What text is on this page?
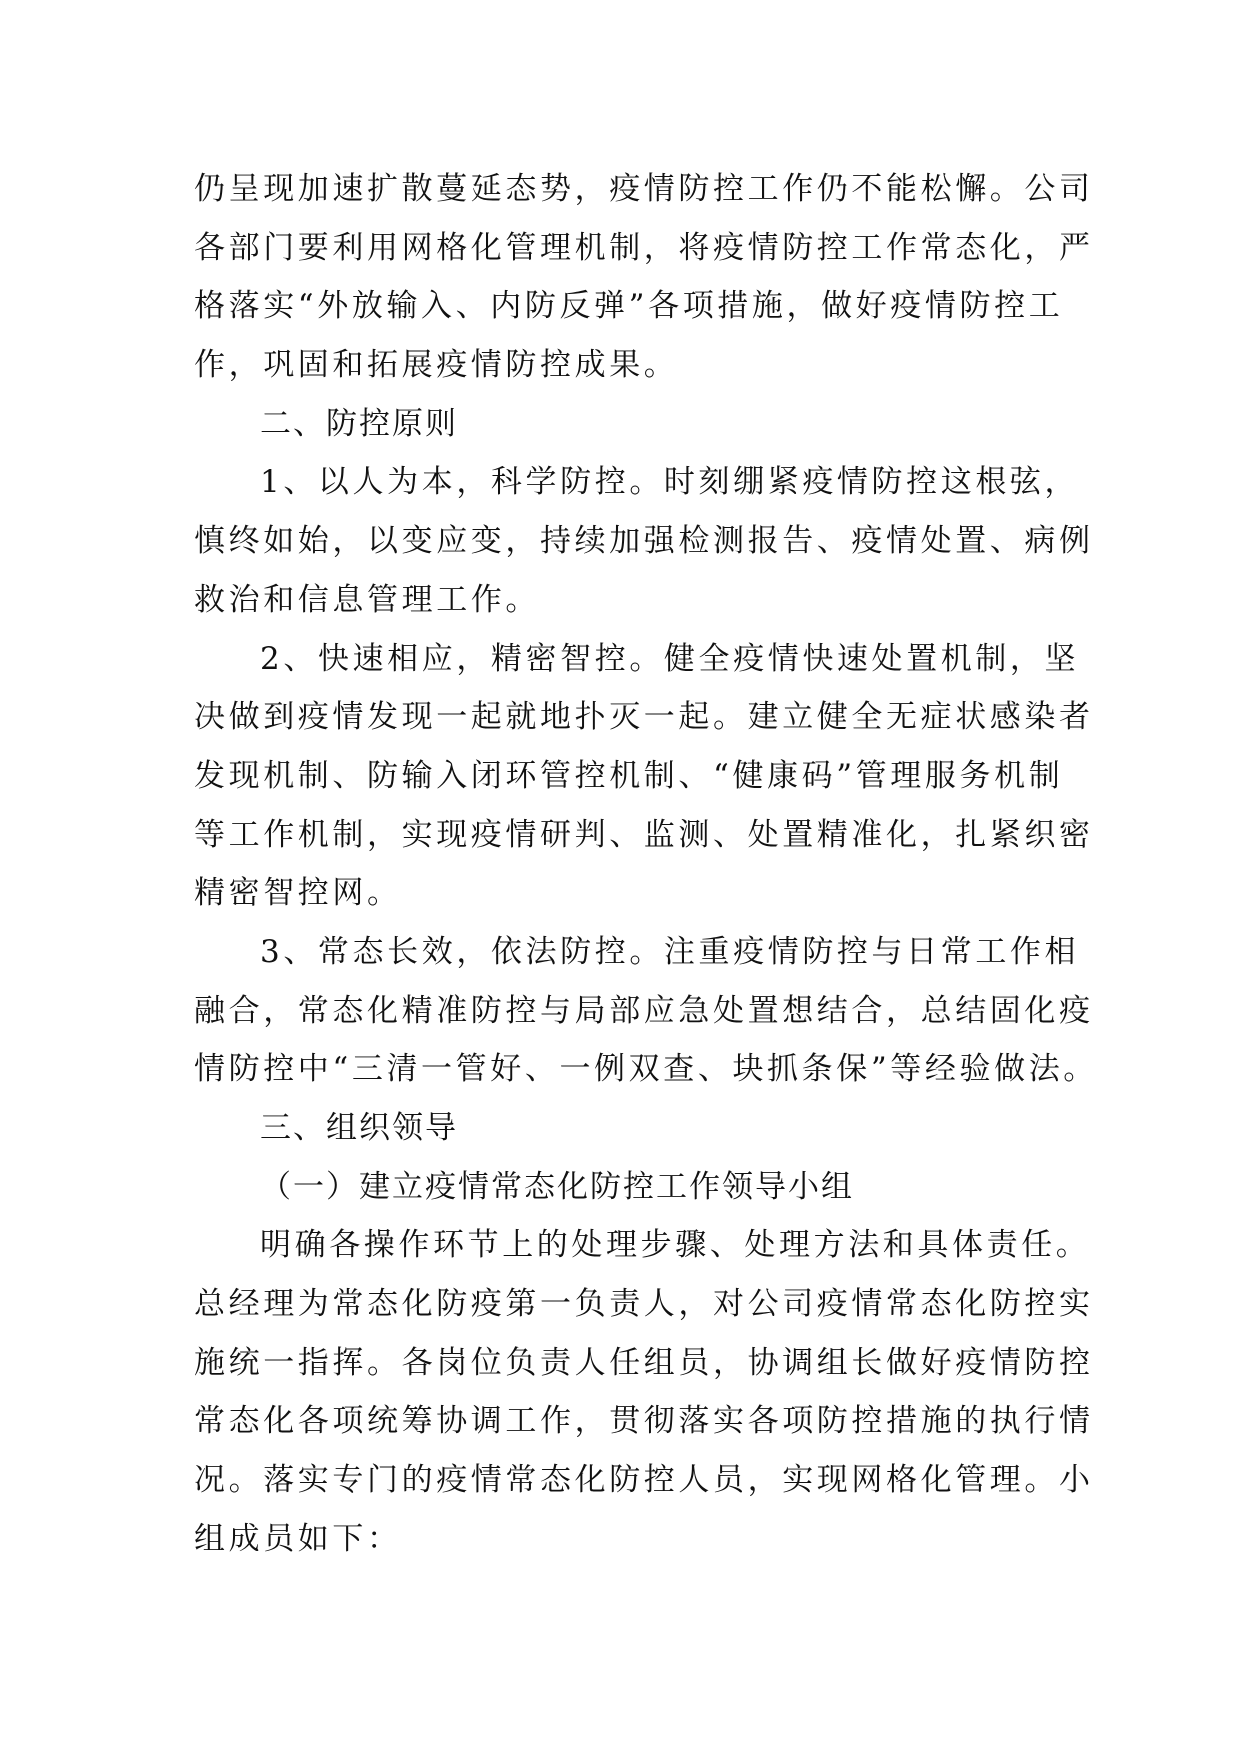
仍呈现加速扩散蔓延态势，疫情防控工作仍不能松懈。公司
各部门要利用网格化管理机制，将疫情防控工作常态化，严
格落实“外放输入、内防反弹”各项措施，做好疫情防控工
作，巩固和拓展疫情防控成果。
二、防控原则
1、以人为本，科学防控。时刻绷紧疫情防控这根弦，
慎终如始，以变应变，持续加强检测报告、疫情处置、病例
救治和信息管理工作。
2、快速相应，精密智控。健全疫情快速处置机制，坚
决做到疫情发现一起就地扑灭一起。建立健全无症状感染者
发现机制、防输入闭环管控机制、“健康码”管理服务机制
等工作机制，实现疫情研判、监测、处置精准化，扎紧织密
精密智控网。
3、常态长效，依法防控。注重疫情防控与日常工作相
融合，常态化精准防控与局部应急处置想结合，总结固化疫
情防控中“三清一管好、一例双查、块抓条保”等经验做法。
三、组织领导
（一）建立疫情常态化防控工作领导小组
明确各操作环节上的处理步骤、处理方法和具体责任。
总经理为常态化防疫第一负责人，对公司疫情常态化防控实
施统一指挥。各岗位负责人任组员，协调组长做好疫情防控
常态化各项统筹协调工作，贯彻落实各项防控措施的执行情
况。落实专门的疫情常态化防控人员，实现网格化管理。小
组成员如下：
